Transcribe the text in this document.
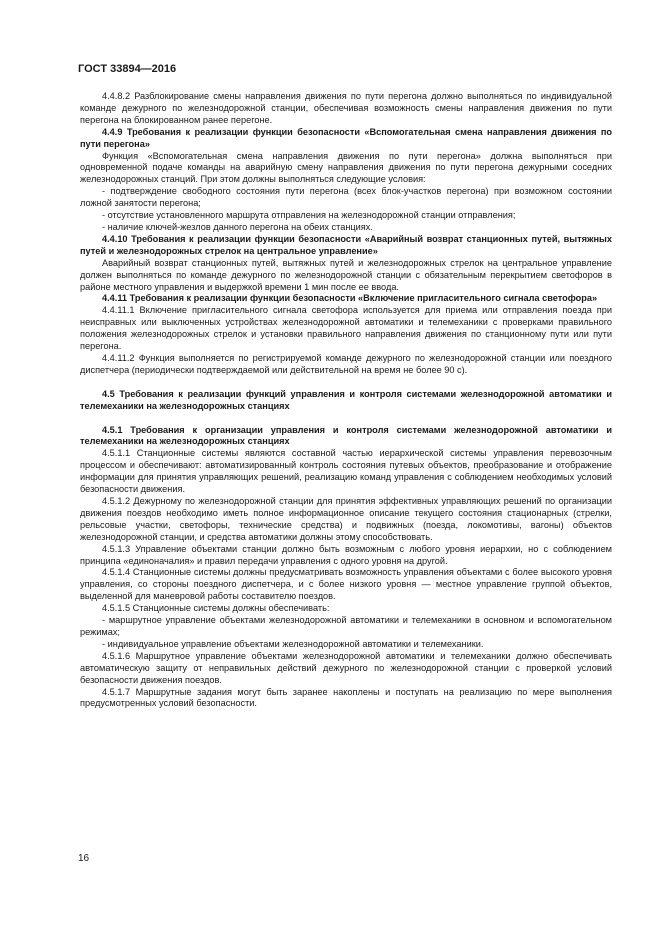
ГОСТ 33894—2016

4.4.8.2 Разблокирование смены направления движения по пути перегона должно выполняться по индивидуальной команде дежурного по железнодорожной станции, обеспечивая возможность смены направления движения по пути перегона на блокированном ранее перегоне.

4.4.9 Требования к реализации функции безопасности «Вспомогательная смена направления движения по пути перегона»

Функция «Вспомогательная смена направления движения по пути перегона» должна выполняться при одновременной подаче команды на аварийную смену направления движения по пути перегона дежурными соседних железнодорожных станций. При этом должны выполняться следующие условия:

- подтверждение свободного состояния пути перегона (всех блок-участков перегона) при возможном состоянии ложной занятости перегона;

- отсутствие установленного маршрута отправления на железнодорожной станции отправления;

- наличие ключей-жезлов данного перегона на обеих станциях.

4.4.10 Требования к реализации функции безопасности «Аварийный возврат станционных путей, вытяжных путей и железнодорожных стрелок на центральное управление»

Аварийный возврат станционных путей, вытяжных путей и железнодорожных стрелок на центральное управление должен выполняться по команде дежурного по железнодорожной станции с обязательным перекрытием светофоров в районе местного управления и выдержкой времени 1 мин после ее ввода.

4.4.11 Требования к реализации функции безопасности «Включение пригласительного сигнала светофора»

4.4.11.1 Включение пригласительного сигнала светофора используется для приема или отправления поезда при неисправных или выключенных устройствах железнодорожной автоматики и телемеханики с проверками правильного положения железнодорожных стрелок и установки правильного направления движения по станционному пути или пути перегона.

4.4.11.2 Функция выполняется по регистрируемой команде дежурного по железнодорожной станции или поездного диспетчера (периодически подтверждаемой или действительной на время не более 90 с).

4.5 Требования к реализации функций управления и контроля системами железнодорожной автоматики и телемеханики на железнодорожных станциях

4.5.1 Требования к организации управления и контроля системами железнодорожной автоматики и телемеханики на железнодорожных станциях

4.5.1.1 Станционные системы являются составной частью иерархической системы управления перевозочным процессом и обеспечивают: автоматизированный контроль состояния путевых объектов, преобразование и отображение информации для принятия управляющих решений, реализацию команд управления с соблюдением необходимых условий безопасности движения.

4.5.1.2 Дежурному по железнодорожной станции для принятия эффективных управляющих решений по организации движения поездов необходимо иметь полное информационное описание текущего состояния стационарных (стрелки, рельсовые участки, светофоры, технические средства) и подвижных (поезда, локомотивы, вагоны) объектов железнодорожной станции, и средства автоматики должны этому способствовать.

4.5.1.3 Управление объектами станции должно быть возможным с любого уровня иерархии, но с соблюдением принципа «единоначалия» и правил передачи управления с одного уровня на другой.

4.5.1.4 Станционные системы должны предусматривать возможность управления объектами с более высокого уровня управления, со стороны поездного диспетчера, и с более низкого уровня — местное управление группой объектов, выделенной для маневровой работы составителю поездов.

4.5.1.5 Станционные системы должны обеспечивать:

- маршрутное управление объектами железнодорожной автоматики и телемеханики в основном и вспомогательном режимах;

- индивидуальное управление объектами железнодорожной автоматики и телемеханики.

4.5.1.6 Маршрутное управление объектами железнодорожной автоматики и телемеханики должно обеспечивать автоматическую защиту от неправильных действий дежурного по железнодорожной станции с проверкой условий безопасности движения поездов.

4.5.1.7 Маршрутные задания могут быть заранее накоплены и поступать на реализацию по мере выполнения предусмотренных условий безопасности.

16
